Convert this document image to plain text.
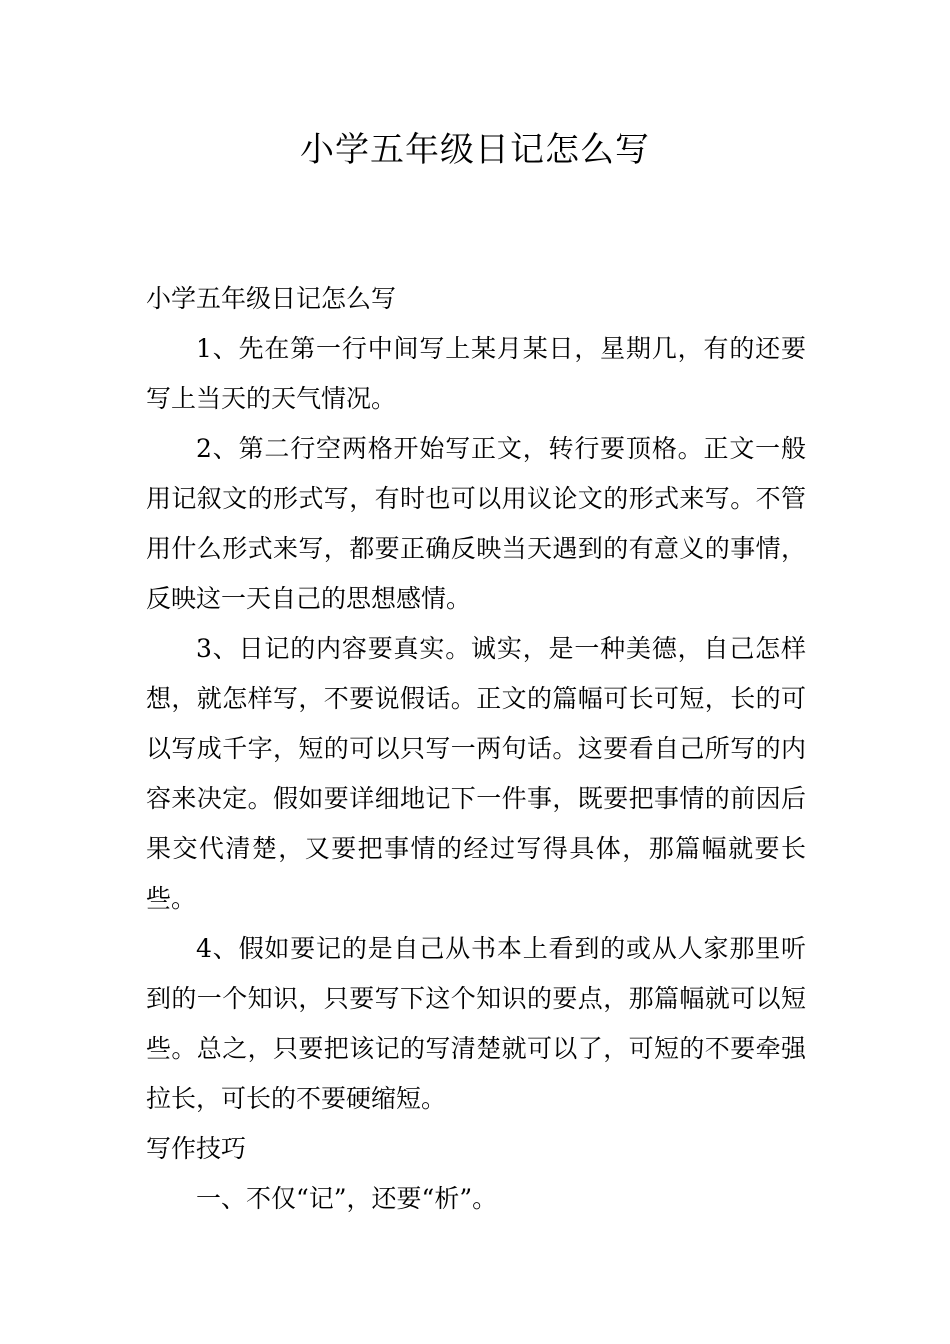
小学五年级日记怎么写

小学五年级日记怎么写

1、先在第一行中间写上某月某日，星期几，有的还要写上当天的天气情况。

2、第二行空两格开始写正文，转行要顶格。正文一般用记叙文的形式写，有时也可以用议论文的形式来写。不管用什么形式来写，都要正确反映当天遇到的有意义的事情，反映这一天自己的思想感情。

3、日记的内容要真实。诚实，是一种美德，自己怎样想，就怎样写，不要说假话。正文的篇幅可长可短，长的可以写成千字，短的可以只写一两句话。这要看自己所写的内容来决定。假如要详细地记下一件事，既要把事情的前因后果交代清楚，又要把事情的经过写得具体，那篇幅就要长些。

4、假如要记的是自己从书本上看到的或从人家那里听到的一个知识，只要写下这个知识的要点，那篇幅就可以短些。总之，只要把该记的写清楚就可以了，可短的不要牵强拉长，可长的不要硬缩短。

写作技巧

一、不仅“记”，还要“析”。
